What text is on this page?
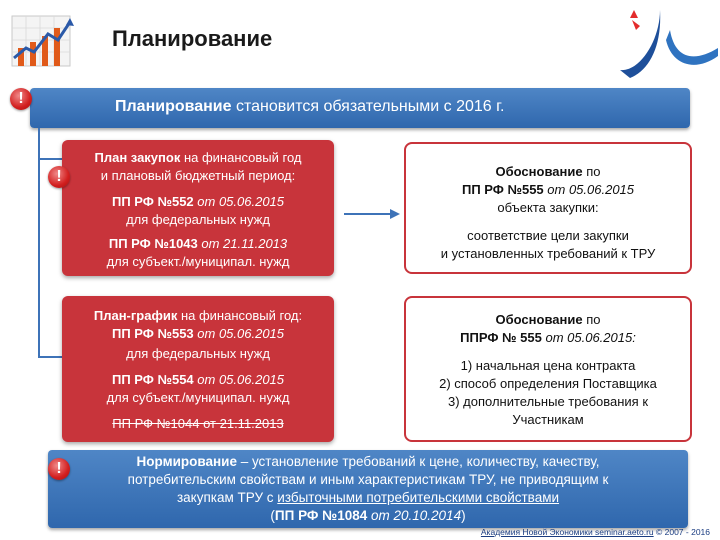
Планирование
Планирование становится обязательными с 2016 г.
!
План закупок на финансовый год
и плановый бюджетный период:
ПП РФ №552 от 05.06.2015
для федеральных нужд
ПП РФ №1043 от 21.11.2013
для субъект./муниципал. нужд
!	Обоснование по
ПП РФ №555 от 05.06.2015
объекта закупки:
соответствие цели закупки
и установленных требований к ТРУ
План-график на финансовый год:
ПП РФ №553 от 05.06.2015
для федеральных нужд
ПП РФ №554 от 05.06.2015
для субъект./муниципал. нужд
ПП РФ №1044 от 21.11.2013
Обоснование по
ППРФ № 555 от 05.06.2015:
1) начальная цена контракта
2) способ определения Поставщика
3) дополнительные требования к
Участникам
Нормирование – установление требований к цене, количеству, качеству,
потребительским свойствам и иным характеристикам ТРУ, не приводящим к
закупкам ТРУ с избыточными потребительскими свойствами
(ПП РФ №1084 от 20.10.2014)
!
Академия Новой Экономики seminar.aeto.ru © 2007 - 2016
